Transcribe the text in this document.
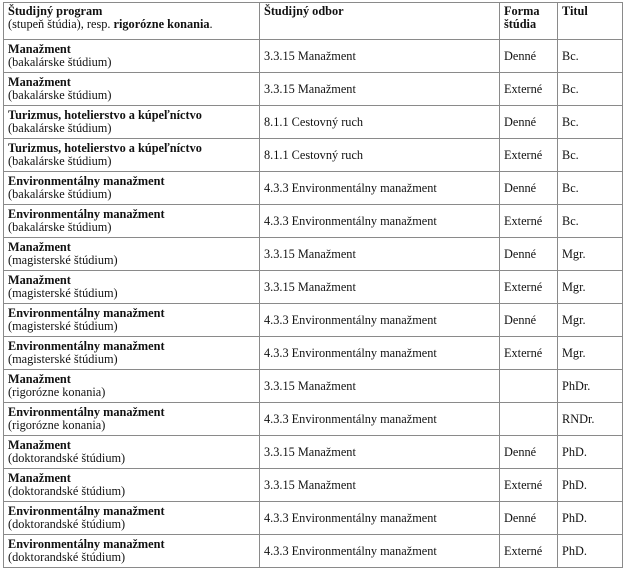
Študijný program
(stupeň štúdia), resp. rigorózne konania.	Študijný odbor	Forma
štúdia	Titul

Manažment
(bakalárske štúdium)	3.3.15 Manažment	Denné	Bc.

Manažment
(bakalárske štúdium)	3.3.15 Manažment	Externé	Bc.

Turizmus, hotelierstvo a kúpeľníctvo
(bakalárske štúdium)	8.1.1 Cestovný ruch	Denné	Bc.

Turizmus, hotelierstvo a kúpeľníctvo
(bakalárske štúdium)	8.1.1 Cestovný ruch	Externé	Bc.

Environmentálny manažment
(bakalárske štúdium)	4.3.3 Environmentálny manažment	Denné	Bc.

Environmentálny manažment
(bakalárske štúdium)	4.3.3 Environmentálny manažment	Externé	Bc.

Manažment
(magisterské štúdium)	3.3.15 Manažment	Denné	Mgr.

Manažment
(magisterské štúdium)	3.3.15 Manažment	Externé	Mgr.

Environmentálny manažment
(magisterské štúdium)	4.3.3 Environmentálny manažment	Denné	Mgr.

Environmentálny manažment
(magisterské štúdium)	4.3.3 Environmentálny manažment	Externé	Mgr.

Manažment
(rigorózne konania)	3.3.15 Manažment		PhDr.

Environmentálny manažment
(rigorózne konania)	4.3.3 Environmentálny manažment		RNDr.

Manažment
(doktorandské štúdium)	3.3.15 Manažment	Denné	PhD.

Manažment
(doktorandské štúdium)	3.3.15 Manažment	Externé	PhD.

Environmentálny manažment
(doktorandské štúdium)	4.3.3 Environmentálny manažment	Denné	PhD.

Environmentálny manažment
(doktorandské štúdium)	4.3.3 Environmentálny manažment	Externé	PhD.
